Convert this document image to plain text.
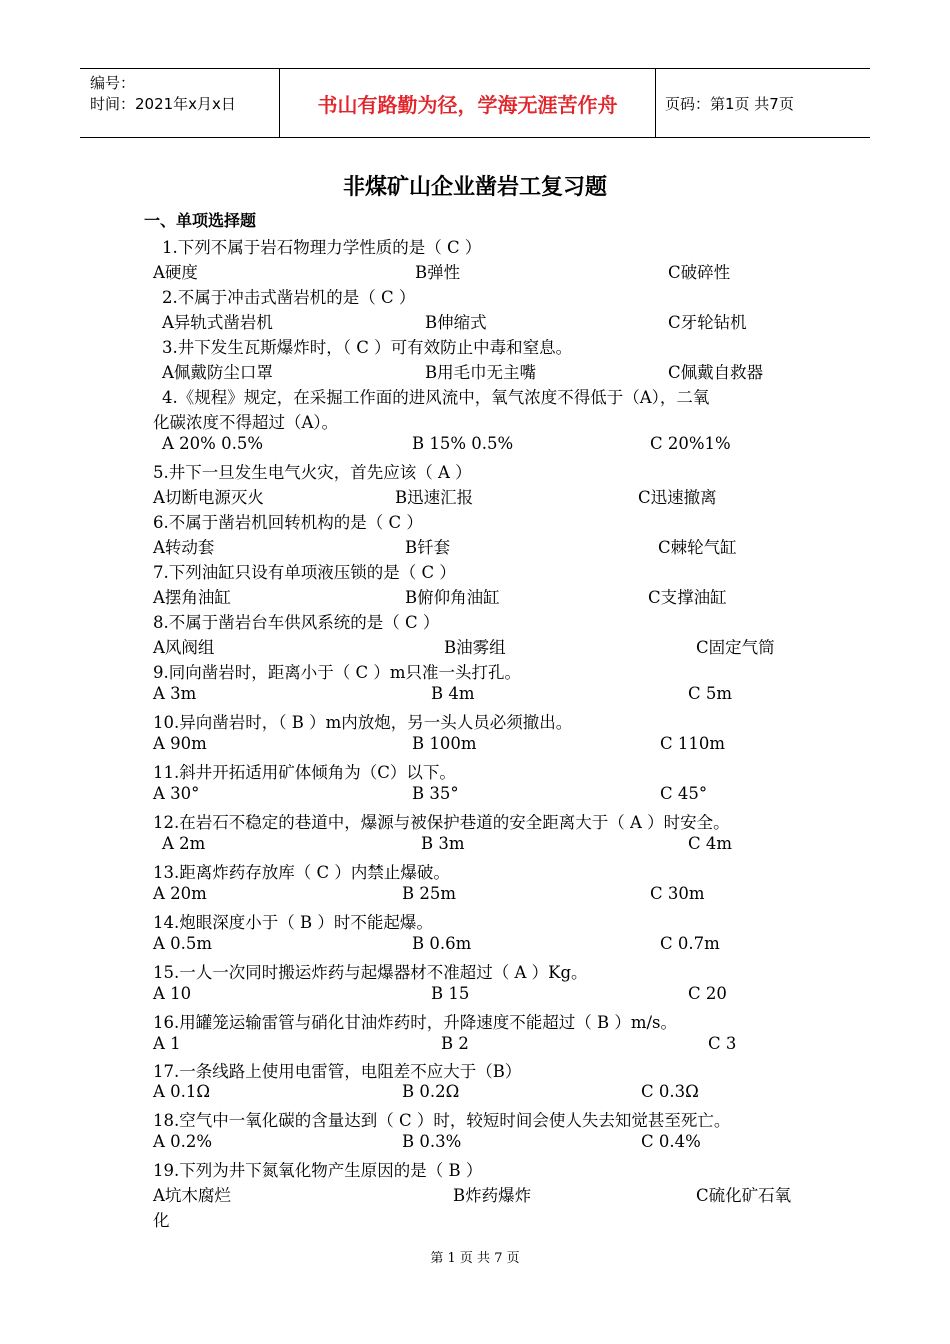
编号：
时间：2021年x月x日	书山有路勤为径，学海无涯苦作舟	页码：第1页 共7页
非煤矿山企业凿岩工复习题
一、单项选择题
1.下列不属于岩石物理力学性质的是（ C ）
A硬度	B弹性	C破碎性
2.不属于冲击式凿岩机的是（ C ）
A异轨式凿岩机	B伸缩式	C牙轮钻机
3.井下发生瓦斯爆炸时，（ C ）可有效防止中毒和窒息。
A佩戴防尘口罩	B用毛巾无主嘴	C佩戴自救器
4.《规程》规定，在采掘工作面的进风流中，氧气浓度不得低于（A），二氧
化碳浓度不得超过（A）。
A 20% 0.5%	B 15% 0.5%	C 20%1%
5.井下一旦发生电气火灾，首先应该（ A ）
A切断电源灭火	B迅速汇报	C迅速撤离
6.不属于凿岩机回转机构的是（ C ）
A转动套	B钎套	C棘轮气缸
7.下列油缸只设有单项液压锁的是（ C ）
A摆角油缸	B俯仰角油缸	C支撑油缸
8.不属于凿岩台车供风系统的是（ C ）
A风阀组	B油雾组	C固定气筒
9.同向凿岩时，距离小于（ C ）m只准一头打孔。
A 3m	B 4m	C 5m
10.异向凿岩时，（ B ）m内放炮，另一头人员必须撤出。
A 90m	B 100m	C 110m
11.斜井开拓适用矿体倾角为（C）以下。
A 30°	B 35°	C 45°
12.在岩石不稳定的巷道中，爆源与被保护巷道的安全距离大于（ A ）时安全。
A 2m	B 3m	C 4m
13.距离炸药存放库（ C ）内禁止爆破。
A 20m	B 25m	C 30m
14.炮眼深度小于（ B ）时不能起爆。
A 0.5m	B 0.6m	C 0.7m
15.一人一次同时搬运炸药与起爆器材不准超过（ A ）Kg。
A 10	B 15	C 20
16.用罐笼运输雷管与硝化甘油炸药时，升降速度不能超过（ B ）m/s。
A 1	B 2	C 3
17.一条线路上使用电雷管，电阻差不应大于（B）
A 0.1Ω	B 0.2Ω	C 0.3Ω
18.空气中一氧化碳的含量达到（ C ）时，较短时间会使人失去知觉甚至死亡。
A 0.2%	B 0.3%	C 0.4%
19.下列为井下氮氧化物产生原因的是（ B ）
A坑木腐烂	B炸药爆炸	C硫化矿石氧
化
第 1 页 共 7 页
